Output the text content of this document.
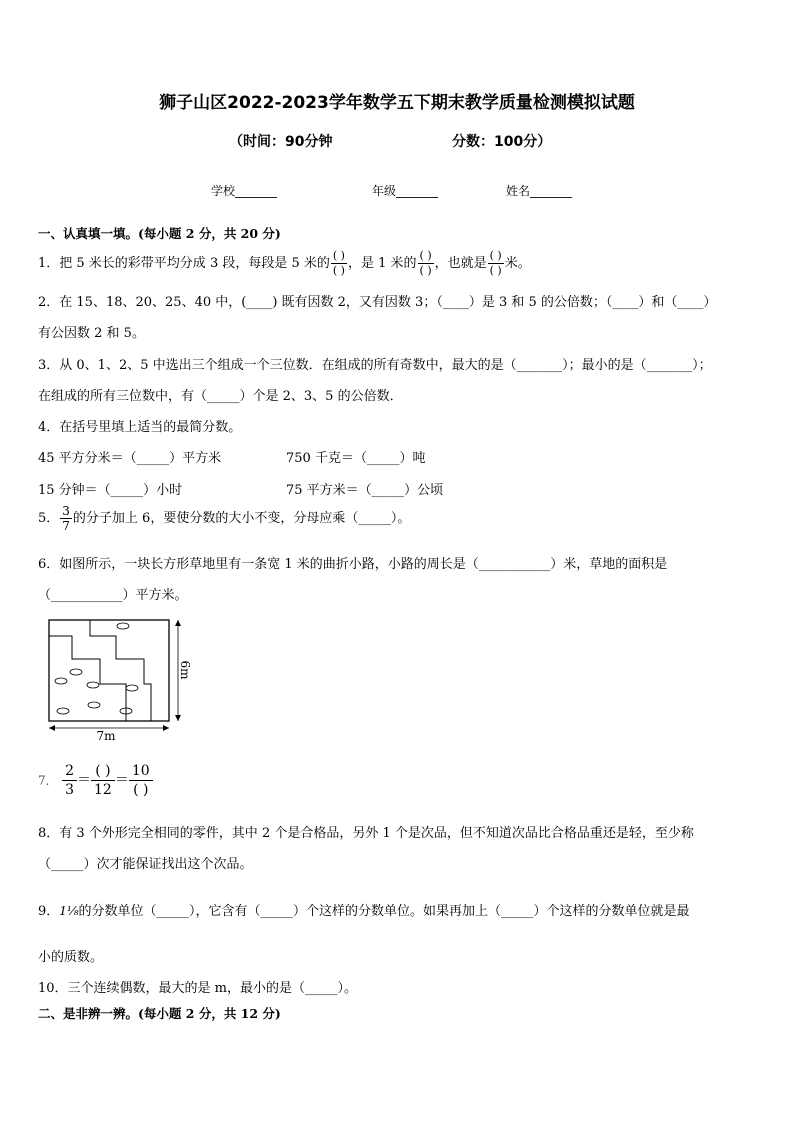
狮子山区2022-2023学年数学五下期末教学质量检测模拟试题
（时间：90分钟	分数：100分）
学校_______	年级_______	姓名_______
一、认真填一填。(每小题 2 分，共 20 分)
1．把 5 米长的彩带平均分成 3 段，每段是 5 米的 $\frac{( )}{( )}$ ，是 1 米的 $\frac{( )}{( )}$ ，也就是 $\frac{( )}{( )}$ 米。
2．在 15、18、20、25、40 中，(____) 既有因数 2，又有因数 3；（____）是 3 和 5 的公倍数；（____）和（____）
有公因数 2 和 5。
3．从 0、1、2、5 中选出三个组成一个三位数．在组成的所有奇数中，最大的是（_______）；最小的是（_______）；
在组成的所有三位数中，有（_____）个是 2、3、5 的公倍数．
4．在括号里填上适当的最简分数。
45 平方分米＝（_____）平方米	750 千克＝（_____）吨
15 分钟＝（_____）小时	75 平方米＝（_____）公顷
5． $\frac{3}{7}$ 的分子加上 6，要使分数的大小不变，分母应乘（_____）。
6．如图所示，一块长方形草地里有一条宽 1 米的曲折小路，小路的周长是（___________）米，草地的面积是
（___________）平方米。
6m
7m
7． $\frac{2}{3} = \frac{( )}{12} = \frac{10}{( )}$
8．有 3 个外形完全相同的零件，其中 2 个是合格品，另外 1 个是次品，但不知道次品比合格品重还是轻，至少称
（_____）次才能保证找出这个次品。
9．1⅟₈的分数单位（_____），它含有（_____）个这样的分数单位。如果再加上（_____）个这样的分数单位就是最
小的质数。
10．三个连续偶数，最大的是 m，最小的是（_____）。
二、是非辨一辨。(每小题 2 分，共 12 分)
